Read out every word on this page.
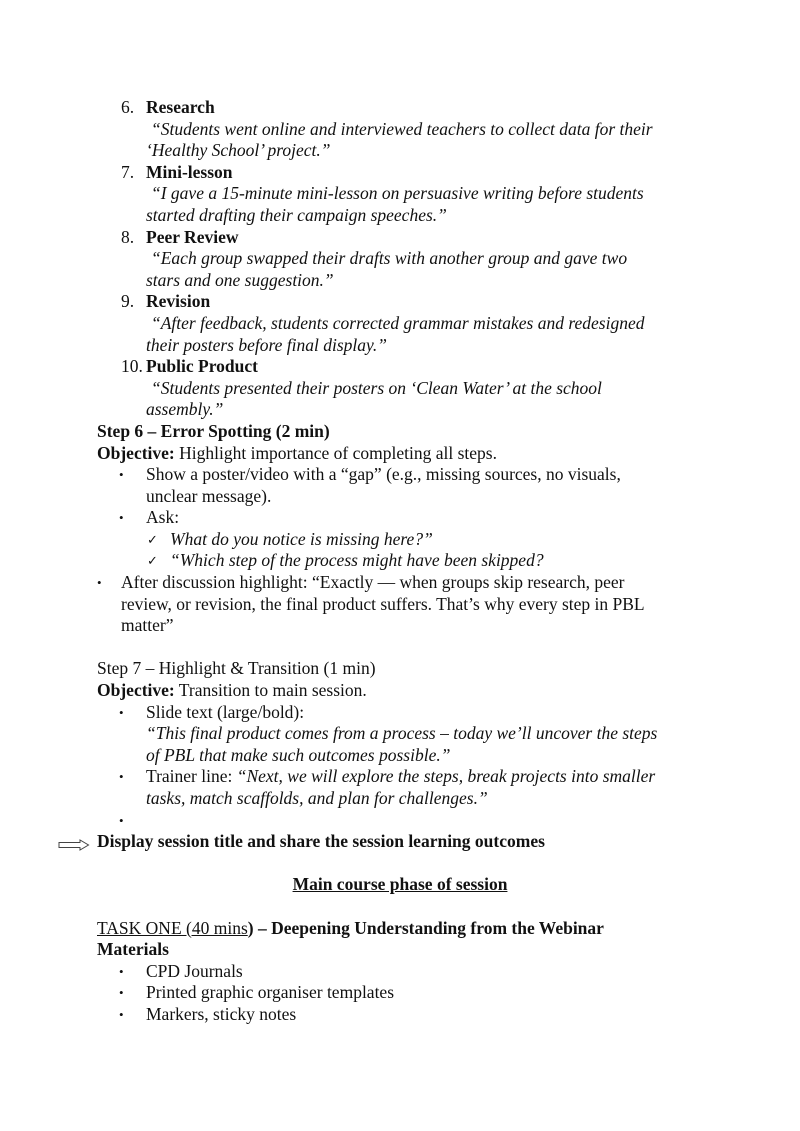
6. Research
“Students went online and interviewed teachers to collect data for their
‘Healthy School’ project.”
7. Mini-lesson
“I gave a 15-minute mini-lesson on persuasive writing before students
started drafting their campaign speeches.”
8. Peer Review
“Each group swapped their drafts with another group and gave two
stars and one suggestion.”
9. Revision
“After feedback, students corrected grammar mistakes and redesigned
their posters before final display.”
10. Public Product
“Students presented their posters on ‘Clean Water’ at the school
assembly.”
Step 6 – Error Spotting (2 min)
Objective: Highlight importance of completing all steps.
• Show a poster/video with a “gap” (e.g., missing sources, no visuals,
unclear message).
• Ask:
✓ What do you notice is missing here?”
✓ “Which step of the process might have been skipped?
• After discussion highlight: “Exactly — when groups skip research, peer
review, or revision, the final product suffers. That’s why every step in PBL
matter”
Step 7 – Highlight & Transition (1 min)
Objective: Transition to main session.
• Slide text (large/bold):
“This final product comes from a process – today we’ll uncover the steps
of PBL that make such outcomes possible.”
• Trainer line: “Next, we will explore the steps, break projects into smaller
tasks, match scaffolds, and plan for challenges.”
•
Display session title and share the session learning outcomes
Main course phase of session
TASK ONE (40 mins) – Deepening Understanding from the Webinar
Materials
• CPD Journals
• Printed graphic organiser templates
• Markers, sticky notes
